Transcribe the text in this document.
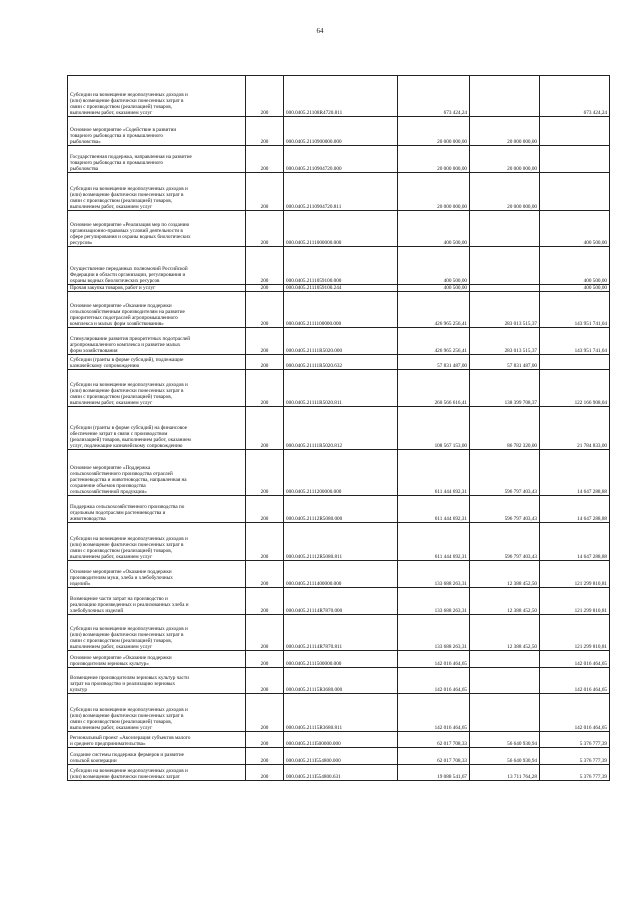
64
Субсидии на возмещение недополученных доходов и
(или) возмещение фактически понесенных затрат в
связи с производством (реализацией) товаров,
выполнением работ, оказанием услуг	200	000.0405.21108R4720.811	673 424,24		673 424,24

Основное мероприятие «Содействие в развитии
товарного рыбоводства и промышленного
рыболовства»	200	000.0405.2110900000.000	20 000 000,00	20 000 000,00	

Государственная поддержка, направленная на развитие
товарного рыбоводства и промышленного
рыболовства	200	000.0405.2110904720.000	20 000 000,00	20 000 000,00	

Субсидии на возмещение недополученных доходов и
(или) возмещение фактически понесенных затрат в
связи с производством (реализацией) товаров,
выполнением работ, оказанием услуг	200	000.0405.2110904720.811	20 000 000,00	20 000 000,00	

Основное мероприятие «Реализация мер по созданию
организационно-правовых условий деятельности в
сфере регулирования и охраны водных биологических
ресурсов»	200	000.0405.2111000000.000	400 500,00		400 500,00

Осуществление переданных полномочий Российской
Федерации в области организации, регулирования и
охраны водных биологических ресурсов	200	000.0405.2111059100.000	400 500,00		400 500,00

Прочая закупка товаров, работ и услуг	200	000.0405.2111059100.244	400 500,00		400 500,00

Основное мероприятие «Оказание поддержки
сельскохозяйственным производителям на развитие
приоритетных подотраслей агропромышленного
комплекса и малых форм хозяйствования»	200	000.0405.2111100000.000	426 965 256,41	283 013 515,37	143 951 741,04

Стимулирование развития приоритетных подотраслей
агропромышленного комплекса и развитие малых
форм хозяйствования	200	000.0405.21111R5020.000	426 965 256,41	283 013 515,37	143 951 741,04

Субсидии (гранты в форме субсидий), подлежащие
казначейскому сопровождению	200	000.0405.21111R5020.632	57 831 487,00	57 831 487,00	

Субсидии на возмещение недополученных доходов и
(или) возмещение фактически понесенных затрат в
связи с производством (реализацией) товаров,
выполнением работ, оказанием услуг	200	000.0405.21111R5020.811	260 566 616,41	138 399 708,37	122 166 908,04

Субсидии (гранты в форме субсидий) на финансовое
обеспечение затрат в связи с производством
(реализацией) товаров, выполнением работ, оказанием
услуг, подлежащие казначейскому сопровождению	200	000.0405.21111R5020.812	108 567 153,00	86 782 320,00	21 784 833,00

Основное мероприятие «Поддержка
сельскохозяйственного производства отраслей
растениеводства и животноводства, направленная на
сохранение объемов производства
сельскохозяйственной продукции»	200	000.0405.2111200000.000	611 444 692,31	596 797 403,43	14 647 288,88

Поддержка сельскохозяйственного производства по
отдельным подотраслям растениеводства и
животноводства	200	000.0405.21112R5080.000	611 444 692,31	596 797 403,43	14 647 288,88

Субсидии на возмещение недополученных доходов и
(или) возмещение фактически понесенных затрат в
связи с производством (реализацией) товаров,
выполнением работ, оказанием услуг	200	000.0405.21112R5080.811	611 444 692,31	596 797 403,43	14 647 288,88

Основное мероприятие «Оказание поддержки
производителям муки, хлеба и хлебобулочных
изделий»	200	000.0405.2111400000.000	133 688 263,31	12 388 452,50	121 299 810,81

Возмещение части затрат на производство и
реализацию произведенных и реализованных хлеба и
хлебобулочных изделий	200	000.0405.21114R7870.000	133 688 263,31	12 388 452,50	121 299 810,81

Субсидии на возмещение недополученных доходов и
(или) возмещение фактически понесенных затрат в
связи с производством (реализацией) товаров,
выполнением работ, оказанием услуг	200	000.0405.21114R7870.811	133 688 263,31	12 388 452,50	121 299 810,81

Основное мероприятие «Оказание поддержки
производителям зерновых культур»	200	000.0405.2111500000.000	142 016 464,65		142 016 464,65

Возмещение производителям зерновых культур части
затрат на производство и реализацию зерновых
культур	200	000.0405.21115R3680.000	142 016 464,65		142 016 464,65

Субсидии на возмещение недополученных доходов и
(или) возмещение фактически понесенных затрат в
связи с производством (реализацией) товаров,
выполнением работ, оказанием услуг	200	000.0405.21115R3680.811	142 016 464,65		142 016 464,65

Региональный проект «Акселерация субъектов малого
и среднего предпринимательства»	200	000.0405.211I500000.000	62 017 708,33	56 640 930,94	5 376 777,39

Создание системы поддержки фермеров и развитие
сельской кооперации	200	000.0405.211I554800.000	62 017 708,33	56 640 930,94	5 376 777,39

Субсидии на возмещение недополученных доходов и
(или) возмещение фактически понесенных затрат	200	000.0405.211I554800.631	19 088 541,67	13 711 764,28	5 376 777,39
